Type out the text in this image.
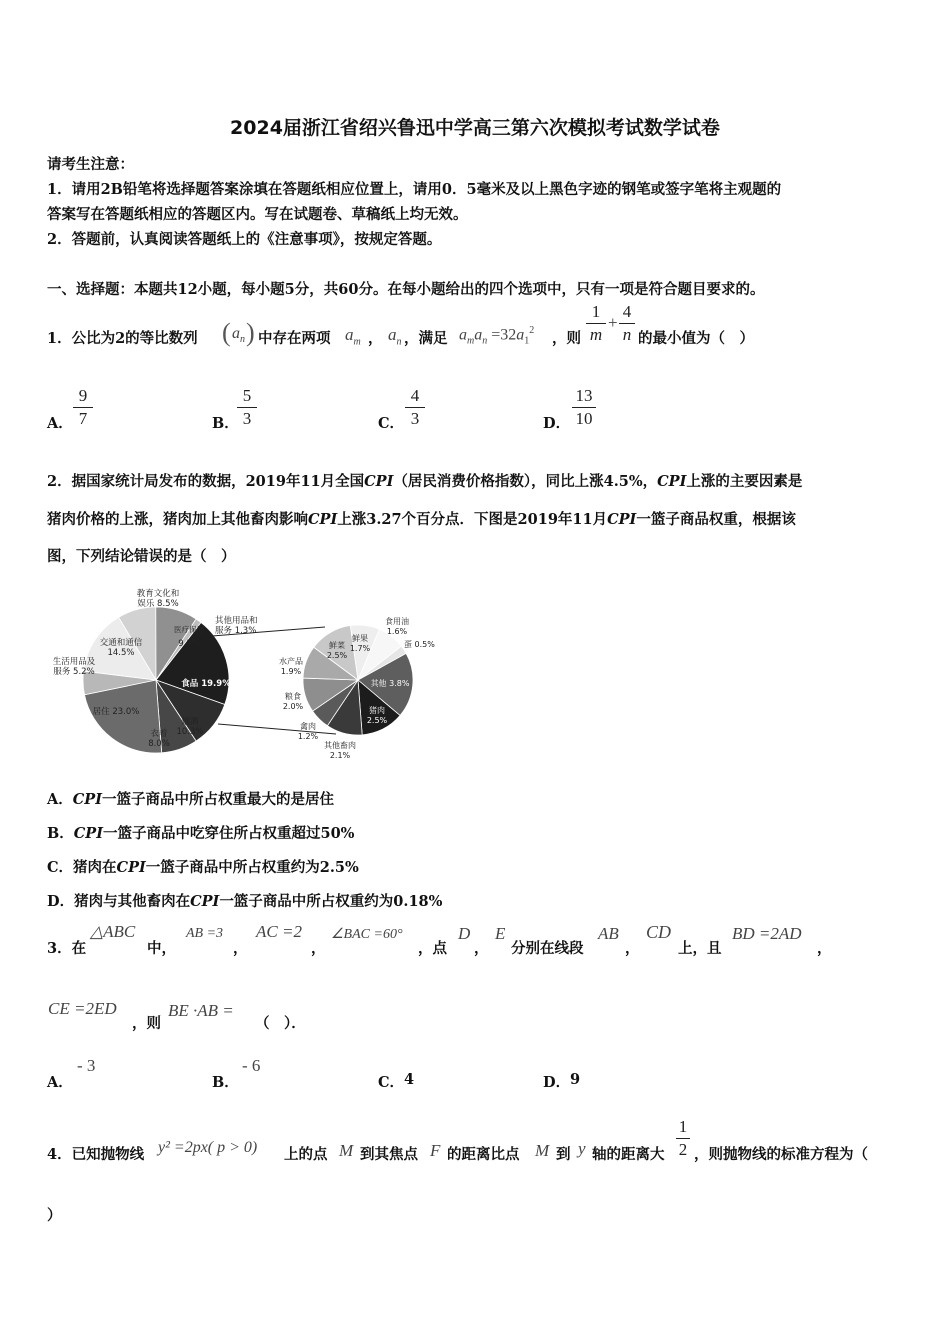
2024届浙江省绍兴鲁迅中学高三第六次模拟考试数学试卷
请考生注意：
1．请用2B铅笔将选择题答案涂填在答题纸相应位置上，请用0．5毫米及以上黑色字迹的钢笔或签字笔将主观题的
答案写在答题纸相应的答题区内。写在试题卷、草稿纸上均无效。
2．答题前，认真阅读答题纸上的《注意事项》，按规定答题。
一、选择题：本题共12小题，每小题5分，共60分。在每小题给出的四个选项中，只有一项是符合题目要求的。
1．公比为2的等比数列 ( $a_n$ ) 中存在两项 $a_m$ ， $a_n$ ，满足 $a_ma_n =32a_1^2$ ，则 $\frac{1}{m} + \frac{4}{n}$ 的最小值为（　）
A． $\frac{9}{7}$	B．
$\frac{5}{3}$	C． $\frac{4}{3}$	D． $\frac{13}{10}$
2．据国家统计局发布的数据，2019年11月全国CPI（居民消费价格指数），同比上涨4.5%，CPI上涨的主要因素是
猪肉价格的上涨，猪肉加上其他畜肉影响CPI上涨3.27个百分点．下图是2019年11月CPI一篮子商品权重，根据该
图，下列结论错误的是（　）
教育文化和
娱乐 8.5%
其他用品和
服务 1.3%
医疗保健
9.3%
交通和通信
14.5%
生活用品及
服务 5.2%
食品 19.9%
居住 23.0%
烟酒
10.3%
衣着
8.0%
食用油
1.6%
鲜果
1.7%
鲜菜
2.5%
蛋 0.5%
水产品
1.9%
其他 3.8%
粮食
2.0%	猪肉
2.5%
禽肉
1.2%
其他畜肉
2.1%
A．CPI一篮子商品中所占权重最大的是居住
B．CPI一篮子商品中吃穿住所占权重超过50%
C．猪肉在CPI一篮子商品中所占权重约为2.5%
D．猪肉与其他畜肉在CPI一篮子商品中所占权重约为0.18%
3．在
△ABC
中，
AB =3
，
AC =2
，
∠BAC =60°
，点
D
，
E
分别在线段
AB
，
CD
上，且
BD =2AD
，
CE =2ED
，则
BE ·AB =
（　）．
A．
- 3
B．
- 6
C． 4	D． 9
4．已知抛物线 y² =2px( p > 0) 上的点 M 到其焦点 F 的距离比点 M 到 y 轴的距离大 $\frac{1}{2}$ ，则抛物线的标准方程为（
）
